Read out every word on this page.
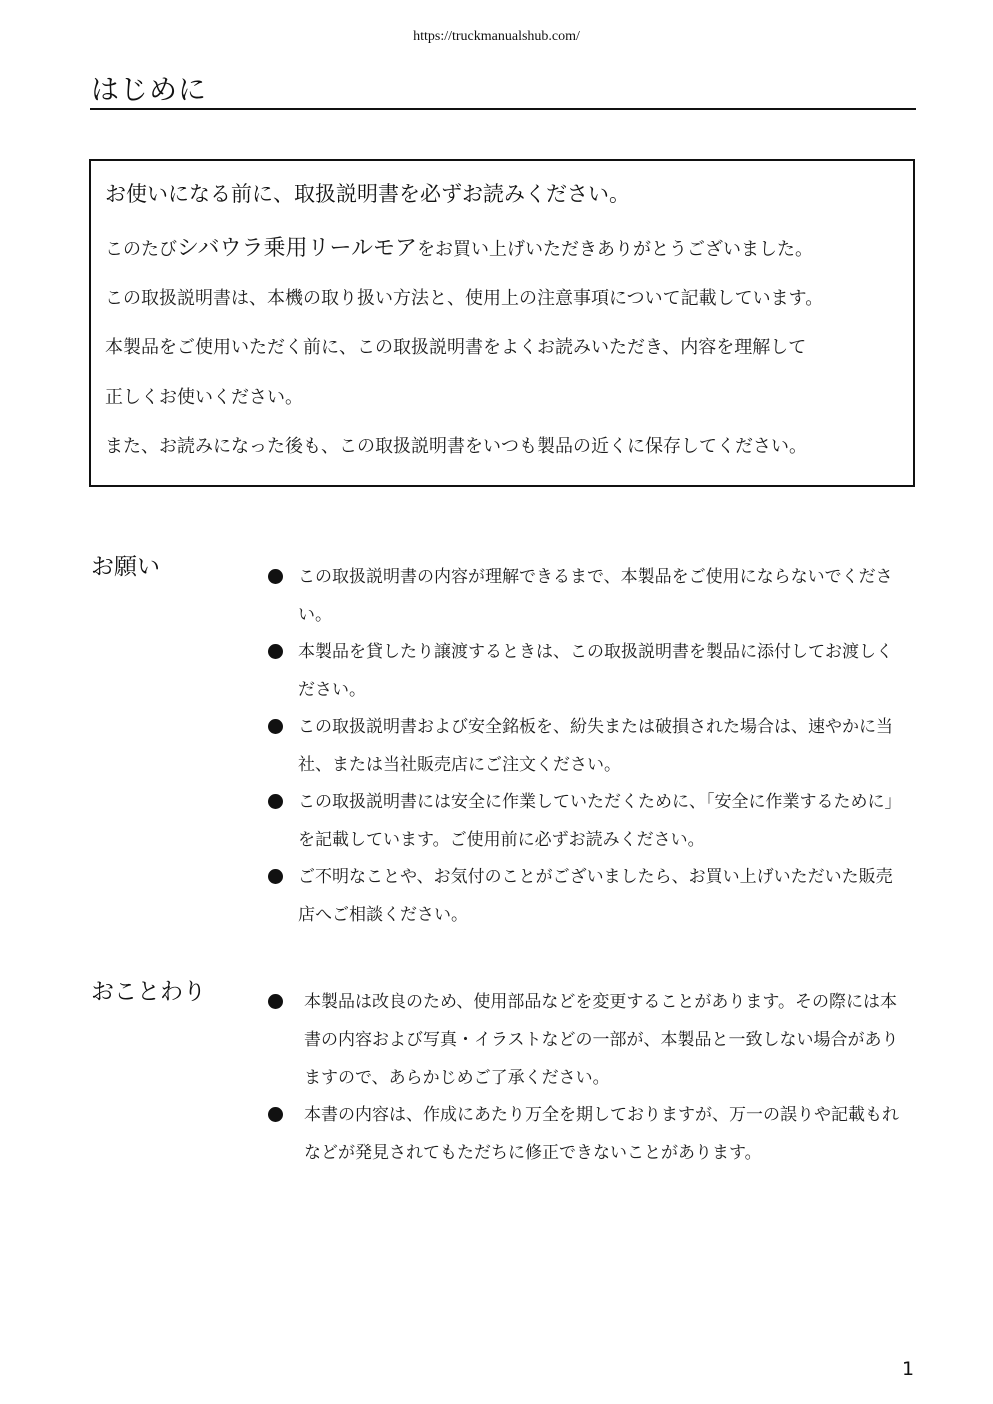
https://truckmanualshub.com/
はじめに
お使いになる前に、取扱説明書を必ずお読みください。
このたびシバウラ乗用リールモアをお買い上げいただきありがとうございました。
この取扱説明書は、本機の取り扱い方法と、使用上の注意事項について記載しています。
本製品をご使用いただく前に、この取扱説明書をよくお読みいただき、内容を理解して
正しくお使いください。
また、お読みになった後も、この取扱説明書をいつも製品の近くに保存してください。
お願い	この取扱説明書の内容が理解できるまで、本製品をご使用にならないでください。
本製品を貸したり譲渡するときは、この取扱説明書を製品に添付してお渡しください。
この取扱説明書および安全銘板を、紛失または破損された場合は、速やかに当社、または当社販売店にご注文ください。
この取扱説明書には安全に作業していただくために、「安全に作業するために」を記載しています。ご使用前に必ずお読みください。
ご不明なことや、お気付のことがございましたら、お買い上げいただいた販売店へご相談ください。
おことわり	本製品は改良のため、使用部品などを変更することがあります。その際には本書の内容および写真・イラストなどの一部が、本製品と一致しない場合がありますので、あらかじめご了承ください。
本書の内容は、作成にあたり万全を期しておりますが、万一の誤りや記載もれなどが発見されてもただちに修正できないことがあります。
1
